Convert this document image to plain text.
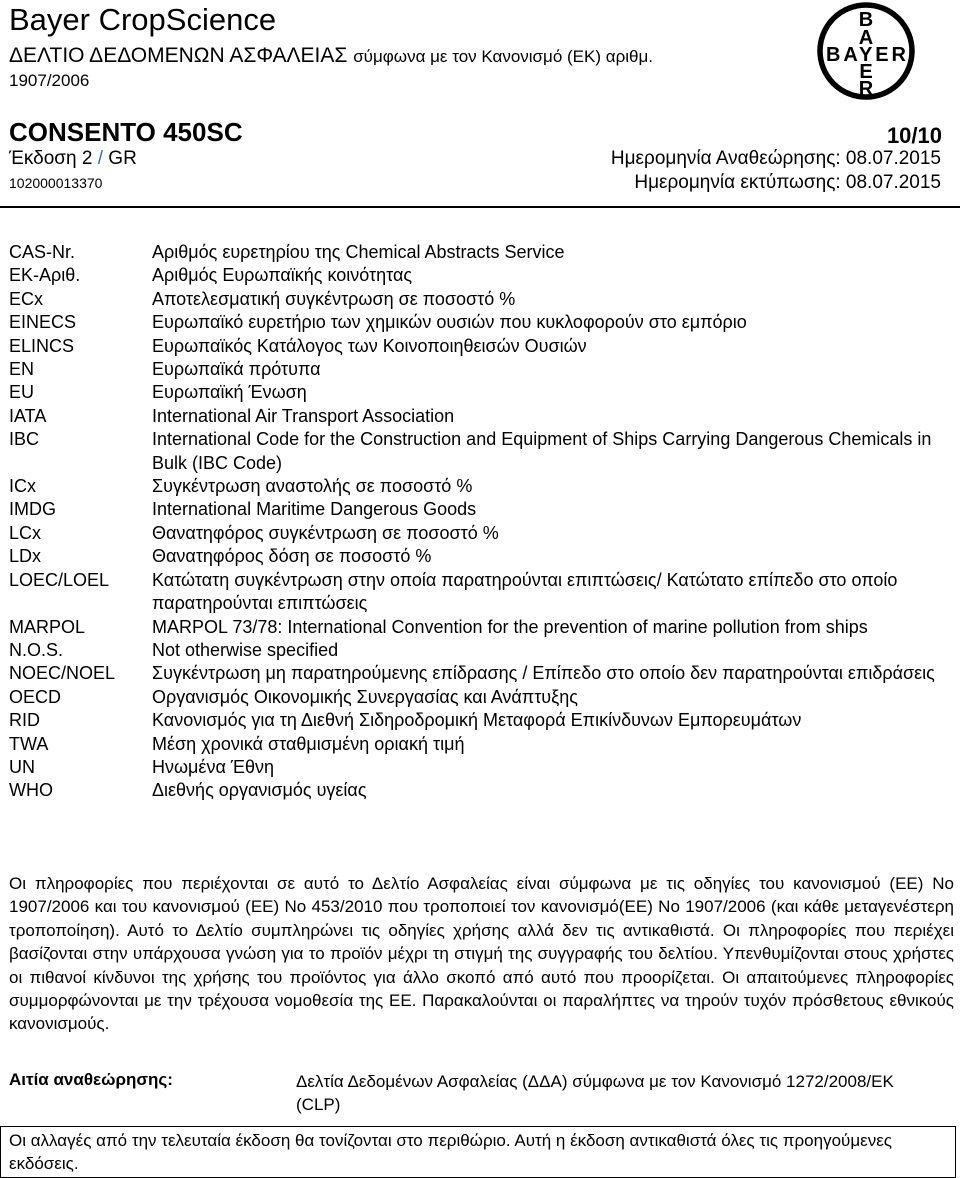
Bayer CropScience
ΔΕΛΤΙΟ ΔΕΔΟΜΕΝΩΝ ΑΣΦΑΛΕΙΑΣ σύμφωνα με τον Κανονισμό (ΕΚ) αριθμ.
1907/2006
B
A
BAYER
E
R
CONSENTO 450SC	10/10
Έκδοση 2 / GR	Ημερομηνία Αναθεώρησης: 08.07.2015
102000013370	Ημερομηνία εκτύπωσης: 08.07.2015
CAS-Nr.	Αριθμός ευρετηρίου της Chemical Abstracts Service
ΕΚ-Αριθ.	Αριθμός Ευρωπαϊκής κοινότητας
ECx	Αποτελεσματική συγκέντρωση σε ποσοστό %
EINECS	Ευρωπαϊκό ευρετήριο των χημικών ουσιών που κυκλοφορούν στο εμπόριο
ELINCS	Ευρωπαϊκός Κατάλογος των Κοινοποιηθεισών Ουσιών
EN	Ευρωπαϊκά πρότυπα
EU	Ευρωπαϊκή Ένωση
IATA	International Air Transport Association
IBC	International Code for the Construction and Equipment of Ships Carrying Dangerous Chemicals in Bulk (IBC Code)
ICx	Συγκέντρωση αναστολής σε ποσοστό %
IMDG	International Maritime Dangerous Goods
LCx	Θανατηφόρος συγκέντρωση σε ποσοστό %
LDx	Θανατηφόρος δόση σε ποσοστό %
LOEC/LOEL	Κατώτατη συγκέντρωση στην οποία παρατηρούνται επιπτώσεις/ Κατώτατο επίπεδο στο οποίο παρατηρούνται επιπτώσεις
MARPOL	MARPOL 73/78: International Convention for the prevention of marine pollution from ships
N.O.S.	Not otherwise specified
NOEC/NOEL	Συγκέντρωση μη παρατηρούμενης επίδρασης / Επίπεδο στο οποίο δεν παρατηρούνται επιδράσεις
OECD	Οργανισμός Οικονομικής Συνεργασίας και Ανάπτυξης
RID	Κανονισμός για τη Διεθνή Σιδηροδρομική Μεταφορά Επικίνδυνων Εμπορευμάτων
TWA	Μέση χρονικά σταθμισμένη οριακή τιμή
UN	Ηνωμένα Έθνη
WHO	Διεθνής οργανισμός υγείας
Οι πληροφορίες που περιέχονται σε αυτό το Δελτίο Ασφαλείας είναι σύμφωνα με τις οδηγίες του κανονισμού (ΕΕ) Νο 1907/2006 και του κανονισμού (ΕΕ) Νο 453/2010 που τροποποιεί τον κανονισμό(ΕΕ) Νο 1907/2006 (και κάθε μεταγενέστερη τροποποίηση). Αυτό το Δελτίο συμπληρώνει τις οδηγίες χρήσης αλλά δεν τις αντικαθιστά. Οι πληροφορίες που περιέχει βασίζονται στην υπάρχουσα γνώση για το προϊόν μέχρι τη στιγμή της συγγραφής του δελτίου. Υπενθυμίζονται στους χρήστες οι πιθανοί κίνδυνοι της χρήσης του προϊόντος για άλλο σκοπό από αυτό που προορίζεται. Οι απαιτούμενες πληροφορίες συμμορφώνονται με την τρέχουσα νομοθεσία της ΕΕ. Παρακαλούνται οι παραλήπτες να τηρούν τυχόν πρόσθετους εθνικούς κανονισμούς.
Αιτία αναθεώρησης:	Δελτία Δεδομένων Ασφαλείας (ΔΔΑ) σύμφωνα με τον Κανονισμό 1272/2008/ΕΚ (CLP)
Οι αλλαγές από την τελευταία έκδοση θα τονίζονται στο περιθώριο. Αυτή η έκδοση αντικαθιστά όλες τις προηγούμενες εκδόσεις.
